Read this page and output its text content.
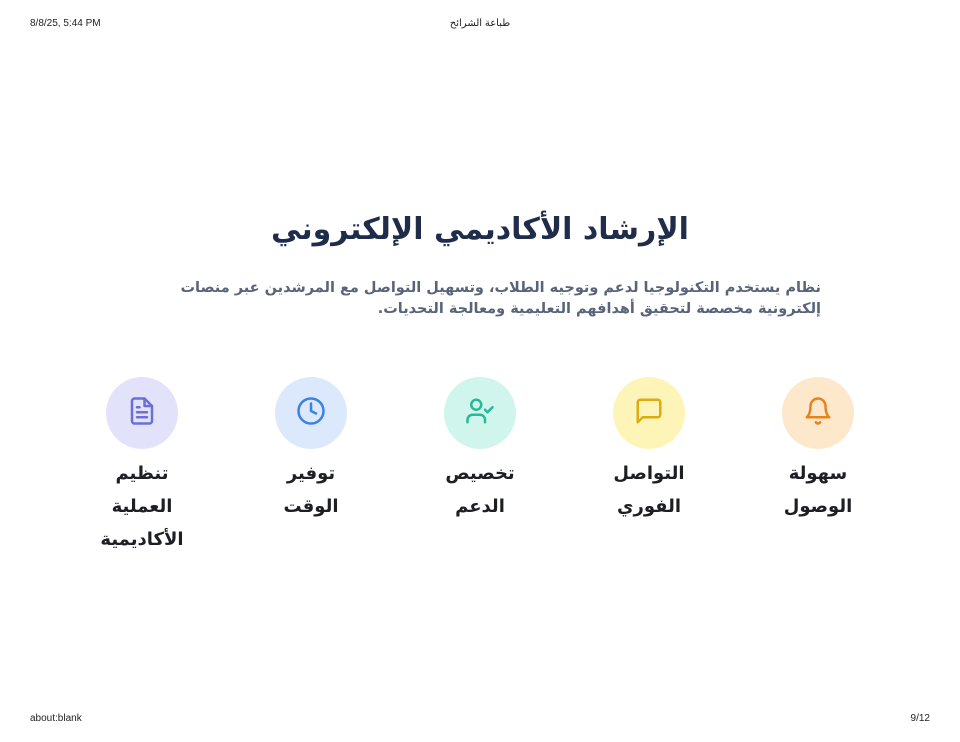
8/8/25, 5:44 PM	طباعة الشرائح
الإرشاد الأكاديمي الإلكتروني
نظام يستخدم التكنولوجيا لدعم وتوجيه الطلاب، وتسهيل التواصل مع المرشدين عبر منصات إلكترونية مخصصة لتحقيق أهدافهم التعليمية ومعالجة التحديات.
سهولة
الوصول
التواصل
الفوري
تخصيص
الدعم
توفير
الوقت
تنظيم
العملية
الأكاديمية
about:blank	9/12
